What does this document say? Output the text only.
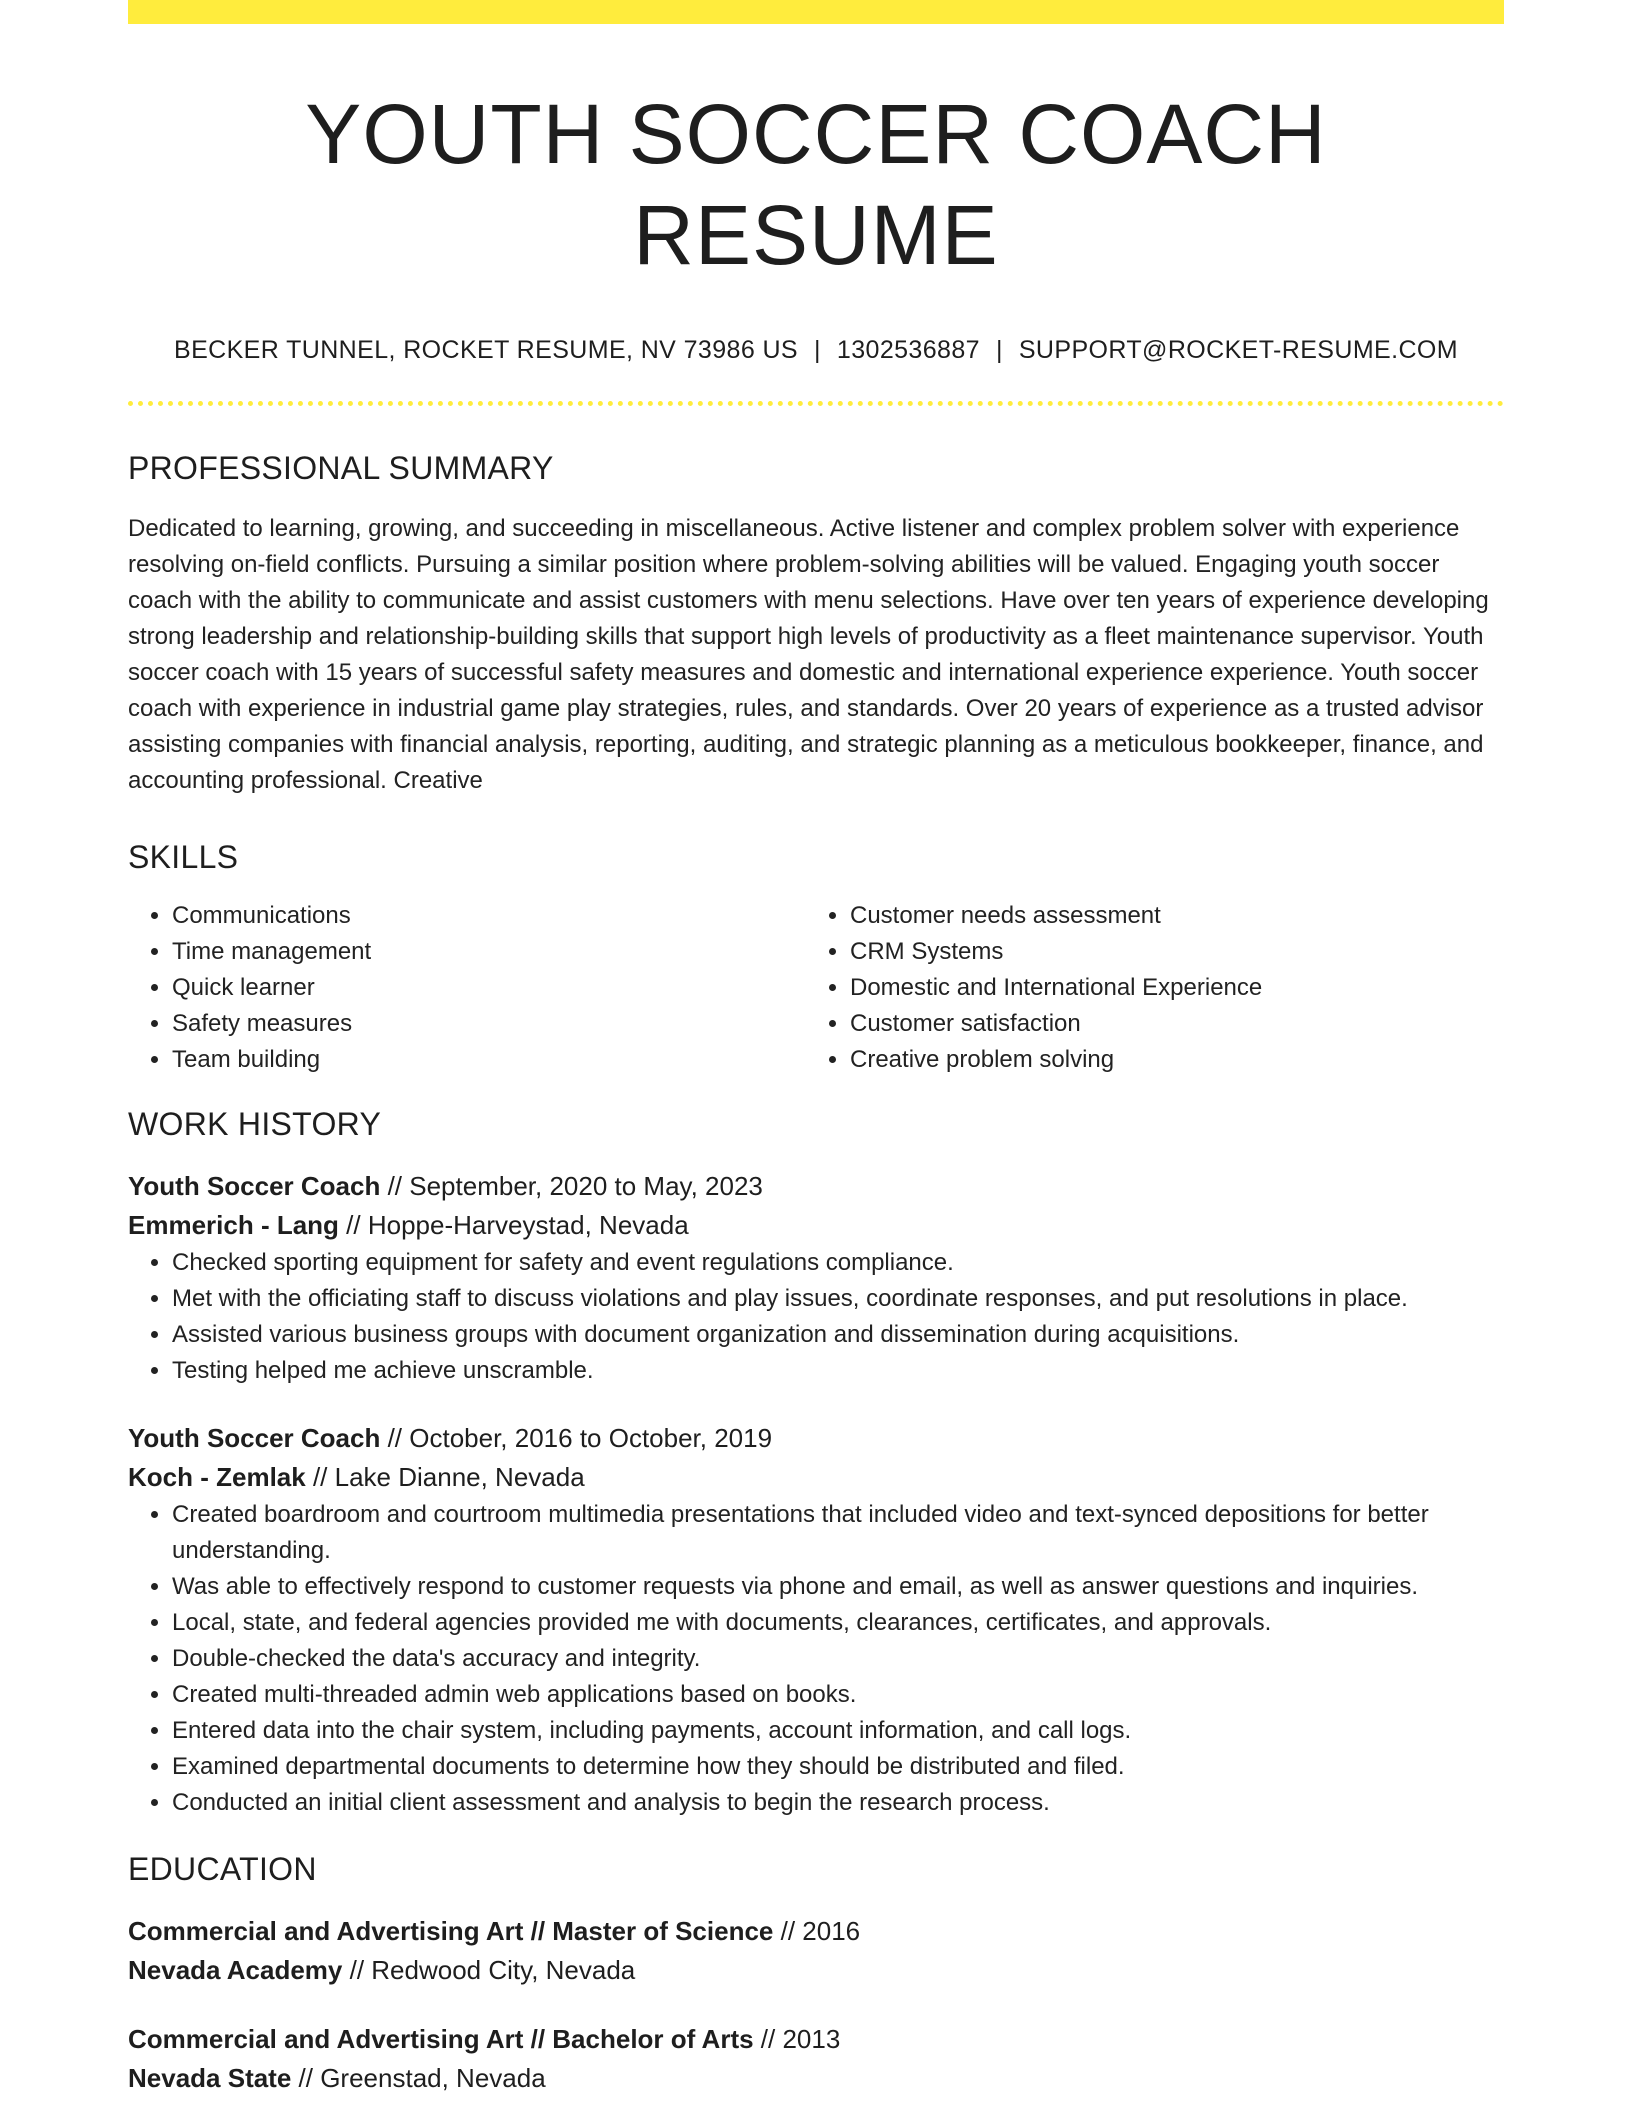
YOUTH SOCCER COACH RESUME
BECKER TUNNEL, ROCKET RESUME, NV 73986 US | 1302536887 | SUPPORT@ROCKET-RESUME.COM
PROFESSIONAL SUMMARY

Dedicated to learning, growing, and succeeding in miscellaneous. Active listener and complex problem solver with experience resolving on-field conflicts. Pursuing a similar position where problem-solving abilities will be valued. Engaging youth soccer coach with the ability to communicate and assist customers with menu selections. Have over ten years of experience developing strong leadership and relationship-building skills that support high levels of productivity as a fleet maintenance supervisor. Youth soccer coach with 15 years of successful safety measures and domestic and international experience experience. Youth soccer coach with experience in industrial game play strategies, rules, and standards. Over 20 years of experience as a trusted advisor assisting companies with financial analysis, reporting, auditing, and strategic planning as a meticulous bookkeeper, finance, and accounting professional. Creative

SKILLS
• Communications
• Time management
• Quick learner
• Safety measures
• Team building
• Customer needs assessment
• CRM Systems
• Domestic and International Experience
• Customer satisfaction
• Creative problem solving
WORK HISTORY
Youth Soccer Coach // September, 2020 to May, 2023
Emmerich - Lang // Hoppe-Harveystad, Nevada
• Checked sporting equipment for safety and event regulations compliance.
• Met with the officiating staff to discuss violations and play issues, coordinate responses, and put resolutions in place.
• Assisted various business groups with document organization and dissemination during acquisitions.
• Testing helped me achieve unscramble.
Youth Soccer Coach // October, 2016 to October, 2019
Koch - Zemlak // Lake Dianne, Nevada
• Created boardroom and courtroom multimedia presentations that included video and text-synced depositions for better understanding.
• Was able to effectively respond to customer requests via phone and email, as well as answer questions and inquiries.
• Local, state, and federal agencies provided me with documents, clearances, certificates, and approvals.
• Double-checked the data's accuracy and integrity.
• Created multi-threaded admin web applications based on books.
• Entered data into the chair system, including payments, account information, and call logs.
• Examined departmental documents to determine how they should be distributed and filed.
• Conducted an initial client assessment and analysis to begin the research process.
EDUCATION
Commercial and Advertising Art // Master of Science // 2016
Nevada Academy // Redwood City, Nevada
Commercial and Advertising Art // Bachelor of Arts // 2013
Nevada State // Greenstad, Nevada
